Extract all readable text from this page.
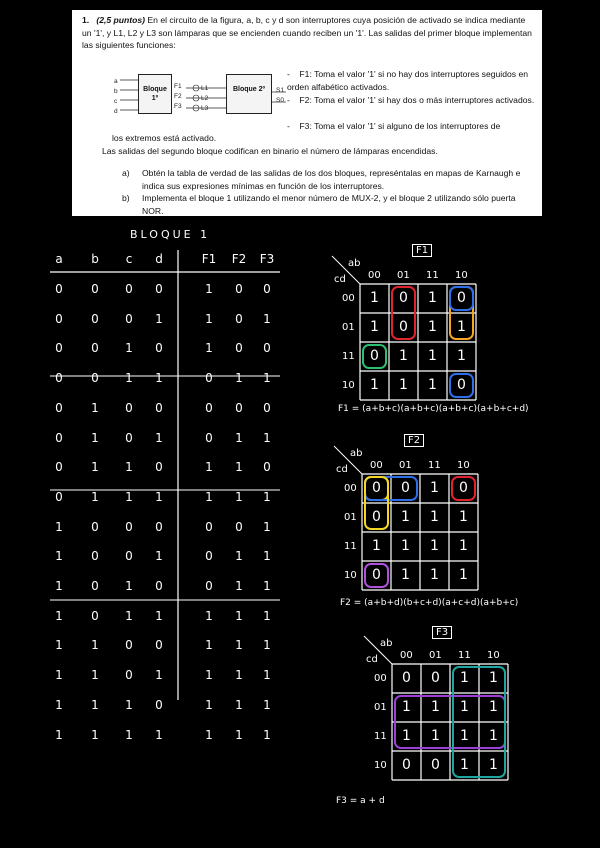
1. (2,5 puntos) En el circuito de la figura, a, b, c y d son interruptores cuya posición de activado se indica mediante un '1', y L1, L2 y L3 son lámparas que se encienden cuando reciben un '1'. Las salidas del primer bloque implementan las siguientes funciones:

a
b
c
d
Bloque 1º
F1
F2
F3
L1
L2
L3
Bloque 2º	S1
S0
-    F1: Toma el valor '1' si no hay dos interruptores seguidos en orden alfabético activados.
-    F2: Toma el valor '1' si hay dos o más interruptores activados.
-    F3: Toma el valor '1' si alguno de los interruptores de
los extremos está activado.
Las salidas del segundo bloque codifican en binario el número de lámparas encendidas.
a) Obtén la tabla de verdad de las salidas de los dos bloques, represéntalas en mapas de Karnaugh e indica sus expresiones mínimas en función de los interruptores.
b) Implementa el bloque 1 utilizando el menor número de MUX-2, y el bloque 2 utilizando sólo puerta NOR.
BLOQUE 1
a	b	c	d	F1 F2 F3
0	0	0	0	1	0	0
0	0	0	1	1	0	1
0	0	1	0	1	0	0
0	0	1	1	0	1	1
0	1	0	0	0	0	0
0	1	0	1	0	1	1
0	1	1	0	1	1	0
0	1	1	1	1	1	1
1	0	0	0	0	0	1
1	0	0	1	0	1	1
1	0	1	0	0	1	1
1	0	1	1	1	1	1
1	1	0	0	1	1	1
1	1	0	1	1	1	1
1	1	1	0	1	1	1
1	1	1	1	1	1	1
F1
cd
ab
00 01 11 10
00
01
11
10
1	0	1	0
1	0	1	1
0	1	1	1
1	1	1	0
F1 = (a+b+c)(a+b+c)(a+b+c)(a+b+c+d)
F2
cd
ab
00 01 11 10
00
01
11
10
0	0	1	0
0	1	1	1
1	1	1	1
0	1	1	1
F2 = (a+b+d)(b+c+d)(a+c+d)(a+b+c)
F3
cd
ab
00 01 11 10
00
01
11
10
0	0	1	1
1	1	1	1
1	1	1	1
0	0	1	1
F3 = a + d
